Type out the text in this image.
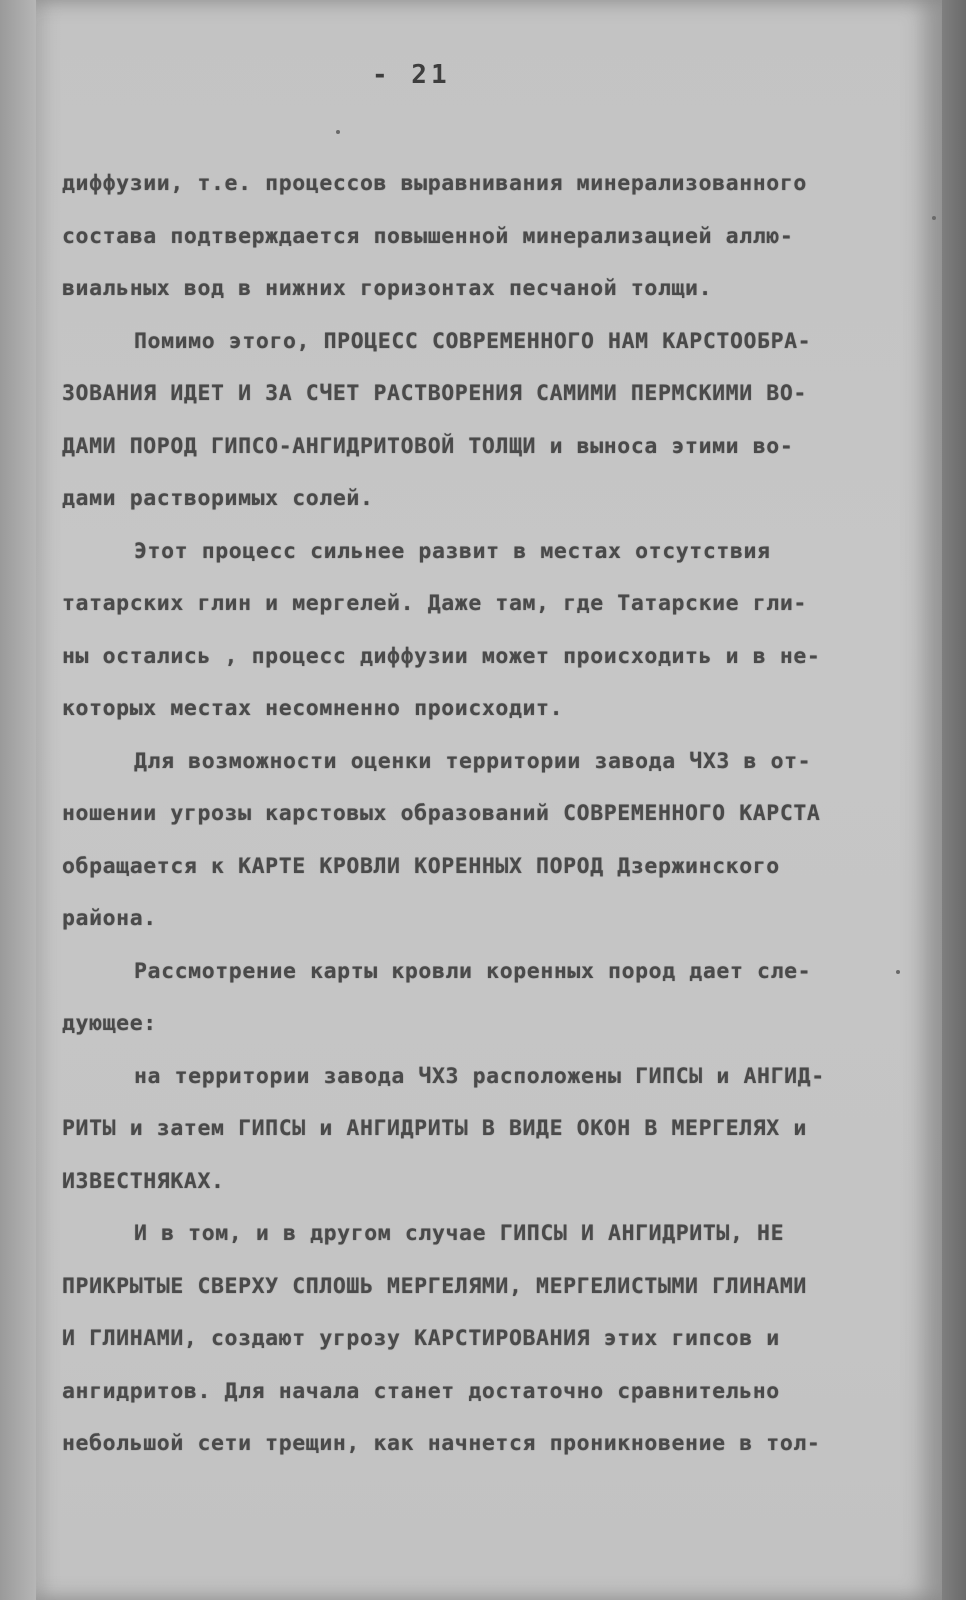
- 21
диффузии, т.е. процессов выравнивания минерализованного
состава подтверждается повышенной минерализацией аллю-
виальных вод в нижних горизонтах песчаной толщи.
Помимо этого, ПРОЦЕСС СОВРЕМЕННОГО НАМ КАРСТООБРА-
ЗОВАНИЯ ИДЕТ И ЗА СЧЕТ РАСТВОРЕНИЯ САМИМИ ПЕРМСКИМИ ВО-
ДАМИ ПОРОД ГИПСО-АНГИДРИТОВОЙ ТОЛЩИ и выноса этими во-
дами растворимых солей.
Этот процесс сильнее развит в местах отсутствия
татарских глин и мергелей. Даже там, где Татарские гли-
ны остались , процесс диффузии может происходить и в не-
которых местах несомненно происходит.
Для возможности оценки территории завода ЧХЗ в от-
ношении угрозы карстовых образований СОВРЕМЕННОГО КАРСТА
обращается к КАРТЕ КРОВЛИ КОРЕННЫХ ПОРОД Дзержинского
района.
Рассмотрение карты кровли коренных пород дает сле-
дующее:
на территории завода ЧХЗ расположены ГИПСЫ и АНГИД-
РИТЫ и затем ГИПСЫ и АНГИДРИТЫ В ВИДЕ ОКОН В МЕРГЕЛЯХ и
ИЗВЕСТНЯКАХ.
И в том, и в другом случае ГИПСЫ И АНГИДРИТЫ, НЕ
ПРИКРЫТЫЕ СВЕРХУ СПЛОШЬ МЕРГЕЛЯМИ, МЕРГЕЛИСТЫМИ ГЛИНАМИ
И ГЛИНАМИ, создают угрозу КАРСТИРОВАНИЯ этих гипсов и
ангидритов. Для начала станет достаточно сравнительно
небольшой сети трещин, как начнется проникновение в тол-
